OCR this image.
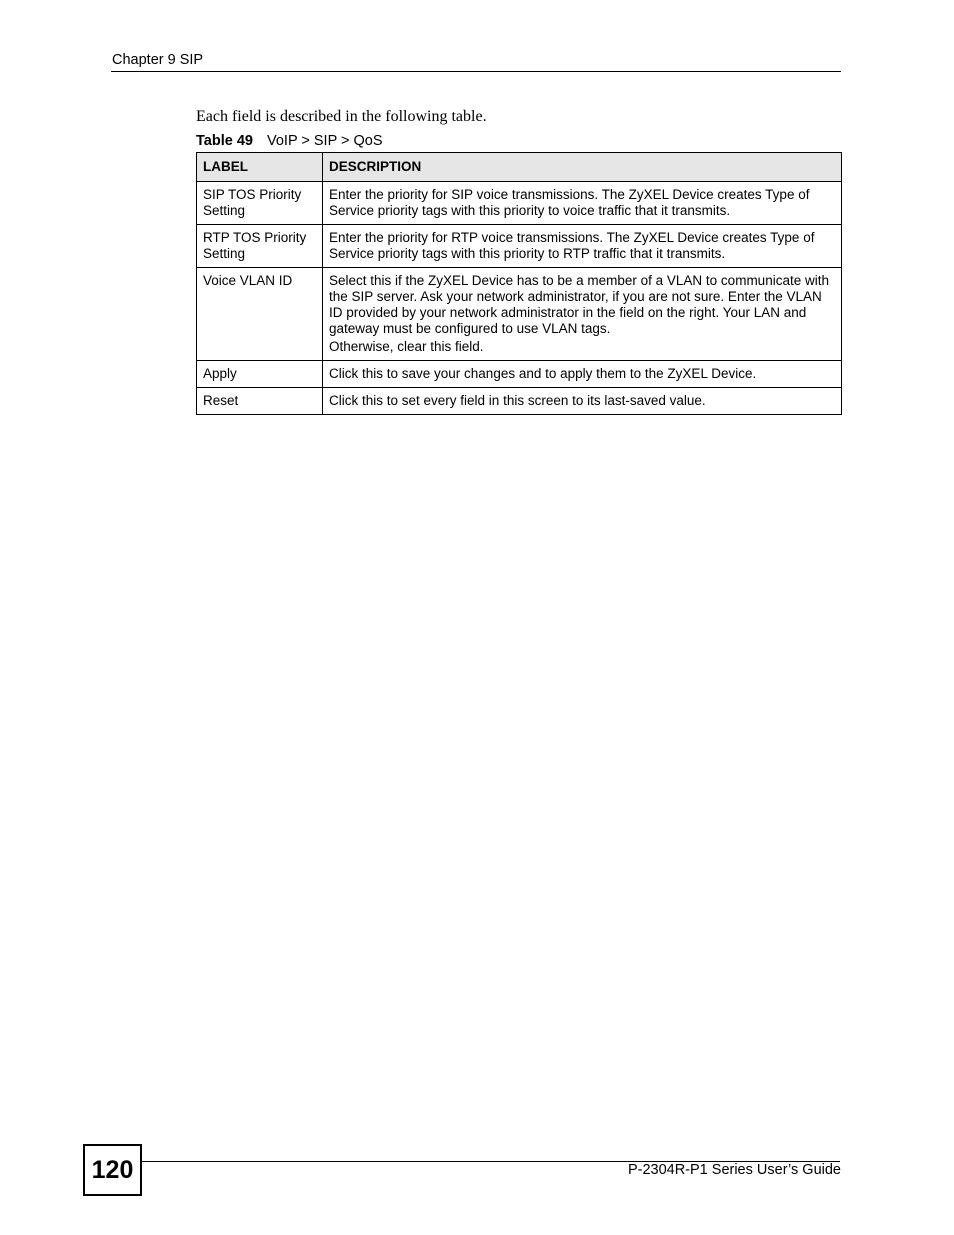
Chapter 9 SIP
Each field is described in the following table.
Table 49 VoIP > SIP > QoS
LABEL	DESCRIPTION
SIP TOS Priority Setting	Enter the priority for SIP voice transmissions. The ZyXEL Device creates Type of Service priority tags with this priority to voice traffic that it transmits.

RTP TOS Priority Setting	Enter the priority for RTP voice transmissions. The ZyXEL Device creates Type of Service priority tags with this priority to RTP traffic that it transmits.

Voice VLAN ID	Select this if the ZyXEL Device has to be a member of a VLAN to communicate with the SIP server. Ask your network administrator, if you are not sure. Enter the VLAN ID provided by your network administrator in the field on the right. Your LAN and gateway must be configured to use VLAN tags.
Otherwise, clear this field.

Apply	Click this to save your changes and to apply them to the ZyXEL Device.

Reset	Click this to set every field in this screen to its last-saved value.
120	P-2304R-P1 Series User’s Guide
